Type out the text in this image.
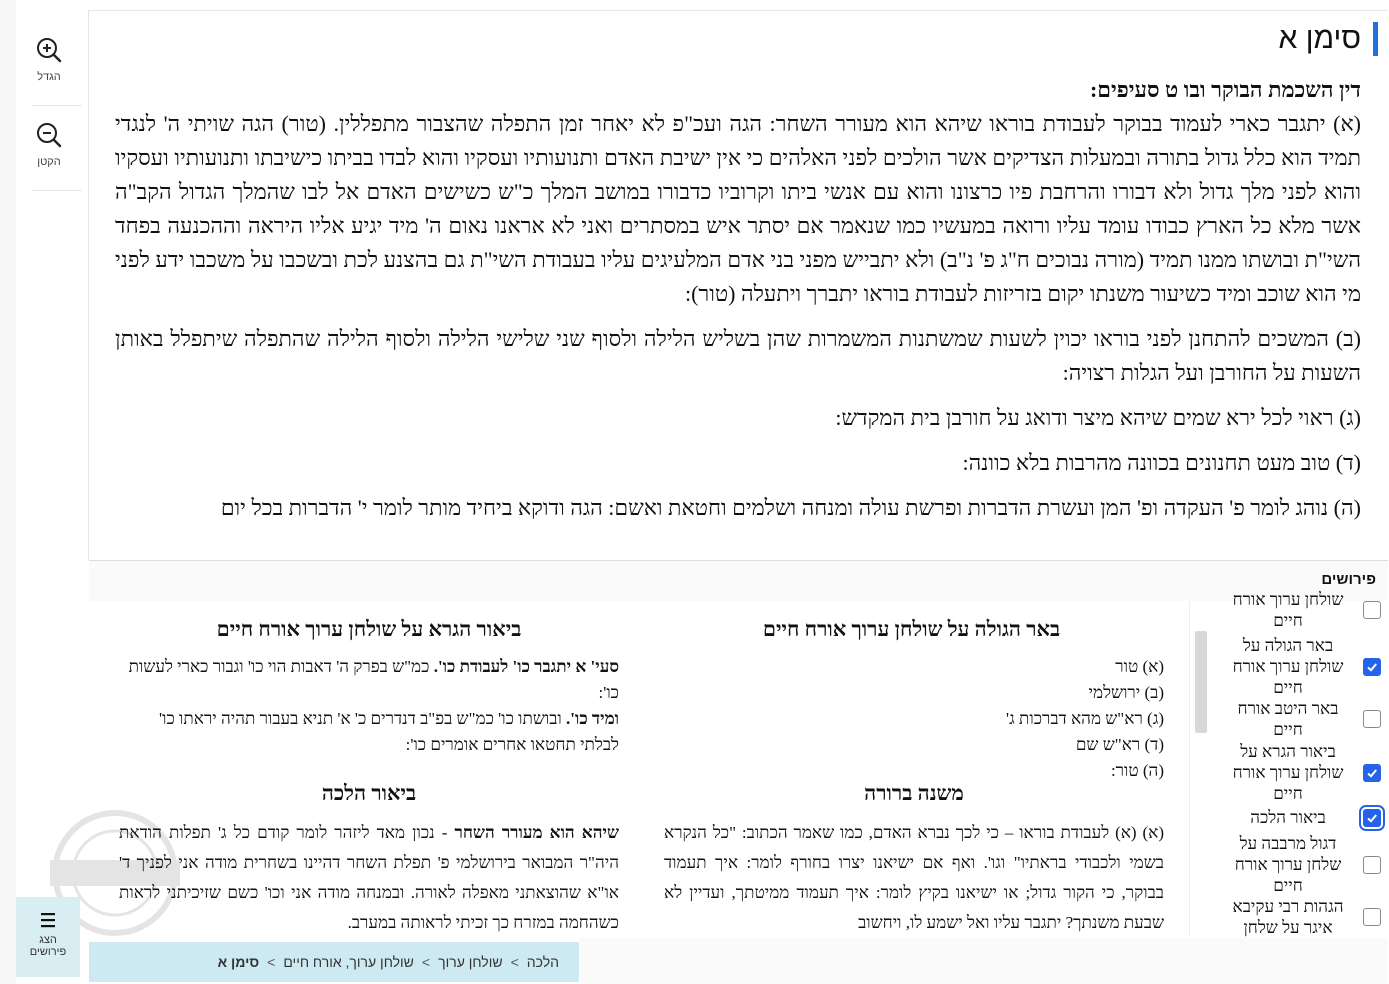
הגדל
הקטן
סימן א

דין השכמת הבוקר ובו ט סעיפים:

(א) יתגבר כארי לעמוד בבוקר לעבודת בוראו שיהא הוא מעורר השחר: הגה ועכ"פ לא יאחר זמן התפלה שהצבור מתפללין. (טור) הגה שויתי ה' לנגדי תמיד הוא כלל גדול בתורה ובמעלות הצדיקים אשר הולכים לפני האלהים כי אין ישיבת האדם ותנועותיו ועסקיו והוא לבדו בביתו כישיבתו ותנועותיו ועסקיו והוא לפני מלך גדול ולא דבורו והרחבת פיו כרצונו והוא עם אנשי ביתו וקרוביו כדבורו במושב המלך כ"ש כשישים האדם אל לבו שהמלך הגדול הקב"ה אשר מלא כל הארץ כבודו עומד עליו ורואה במעשיו כמו שנאמר אם יסתר איש במסתרים ואני לא אראנו נאום ה' מיד יגיע אליו היראה וההכנעה בפחד השי"ת ובושתו ממנו תמיד (מורה נבוכים ח"ג פ' נ"ב) ולא יתבייש מפני בני אדם המלעיגים עליו בעבודת השי"ת גם בהצנע לכת ובשכבו על משכבו ידע לפני מי הוא שוכב ומיד כשיעור משנתו יקום בזריזות לעבודת בוראו יתברך ויתעלה (טור):

(ב) המשכים להתחנן לפני בוראו יכוין לשעות שמשתנות המשמרות שהן בשליש הלילה ולסוף שני שלישי הלילה ולסוף הלילה שהתפלה שיתפלל באותן השעות על החורבן ועל הגלות רצויה:

(ג) ראוי לכל ירא שמים שיהא מיצר ודואג על חורבן בית המקדש:

(ד) טוב מעט תחנונים בכוונה מהרבות בלא כוונה:

(ה) נוהג לומר פ' העקדה ופ' המן ועשרת הדברות ופרשת עולה ומנחה ושלמים וחטאת ואשם: הגה ודוקא ביחיד מותר לומר י' הדברות בכל יום

פירושים
באר הגולה על שולחן ערוך אורח חיים
(א) טור
(ב) ירושלמי
(ג) רא"ש מהא דברכות ג'
(ד) רא"ש שם
(ה) טור:
ביאור הגרא על שולחן ערוך אורח חיים
סעי' א יתגבר כו' לעבודת כו'. כמ"ש בפרק ה' דאבות הוי כו' וגבור כארי לעשות כו':
ומיד כו'. ובושתו כו' כמ"ש בפ"ב דנדרים כ' א' תניא בעבור תהיה יראתו כו' לבלתי תחטאו אחרים אומרים כו':
משנה ברורה
(א) (א) לעבודת בוראו – כי לכך נברא האדם, כמו שאמר הכתוב: "כל הנקרא בשמי ולכבודי בראתיו" וגו'. ואף אם ישיאנו יצרו בחורף לומר: איך תעמוד בבוקר, כי הקור גדול; או ישיאנו בקיץ לומר: איך תעמוד ממיטתך, ועדיין לא שבעת משנתך? יתגבר עליו ואל ישמע לו, ויחשוב
ביאור הלכה
שיהא הוא מעורר השחר - נכון מאד ליזהר לומר קודם כל ג' תפלות הודאת היה"ר המבואר בירושלמי פ' תפלת השחר דהיינו בשחרית מודה אני לפניך ד' או"א שהוצאתני מאפלה לאורה. ובמנחה מודה אני וכו' כשם שזיכיתני לראות כשהחמה במזרח כך זכיתי לראותה במערב.
שולחן ערוך אורח חיים
באר הגולה על שולחן ערוך אורח חיים
באר היטב אורח חיים
ביאור הגרא על שולחן ערוך אורח חיים
ביאור הלכה
דגול מרבבה על שלחן ערוך אורח חיים
הגהות רבי עקיבא איגר על שלחן
הצג
פירושים
הלכה
>
שולחן ערוך
>
שולחן ערוך, אורח חיים
>
סימן א
